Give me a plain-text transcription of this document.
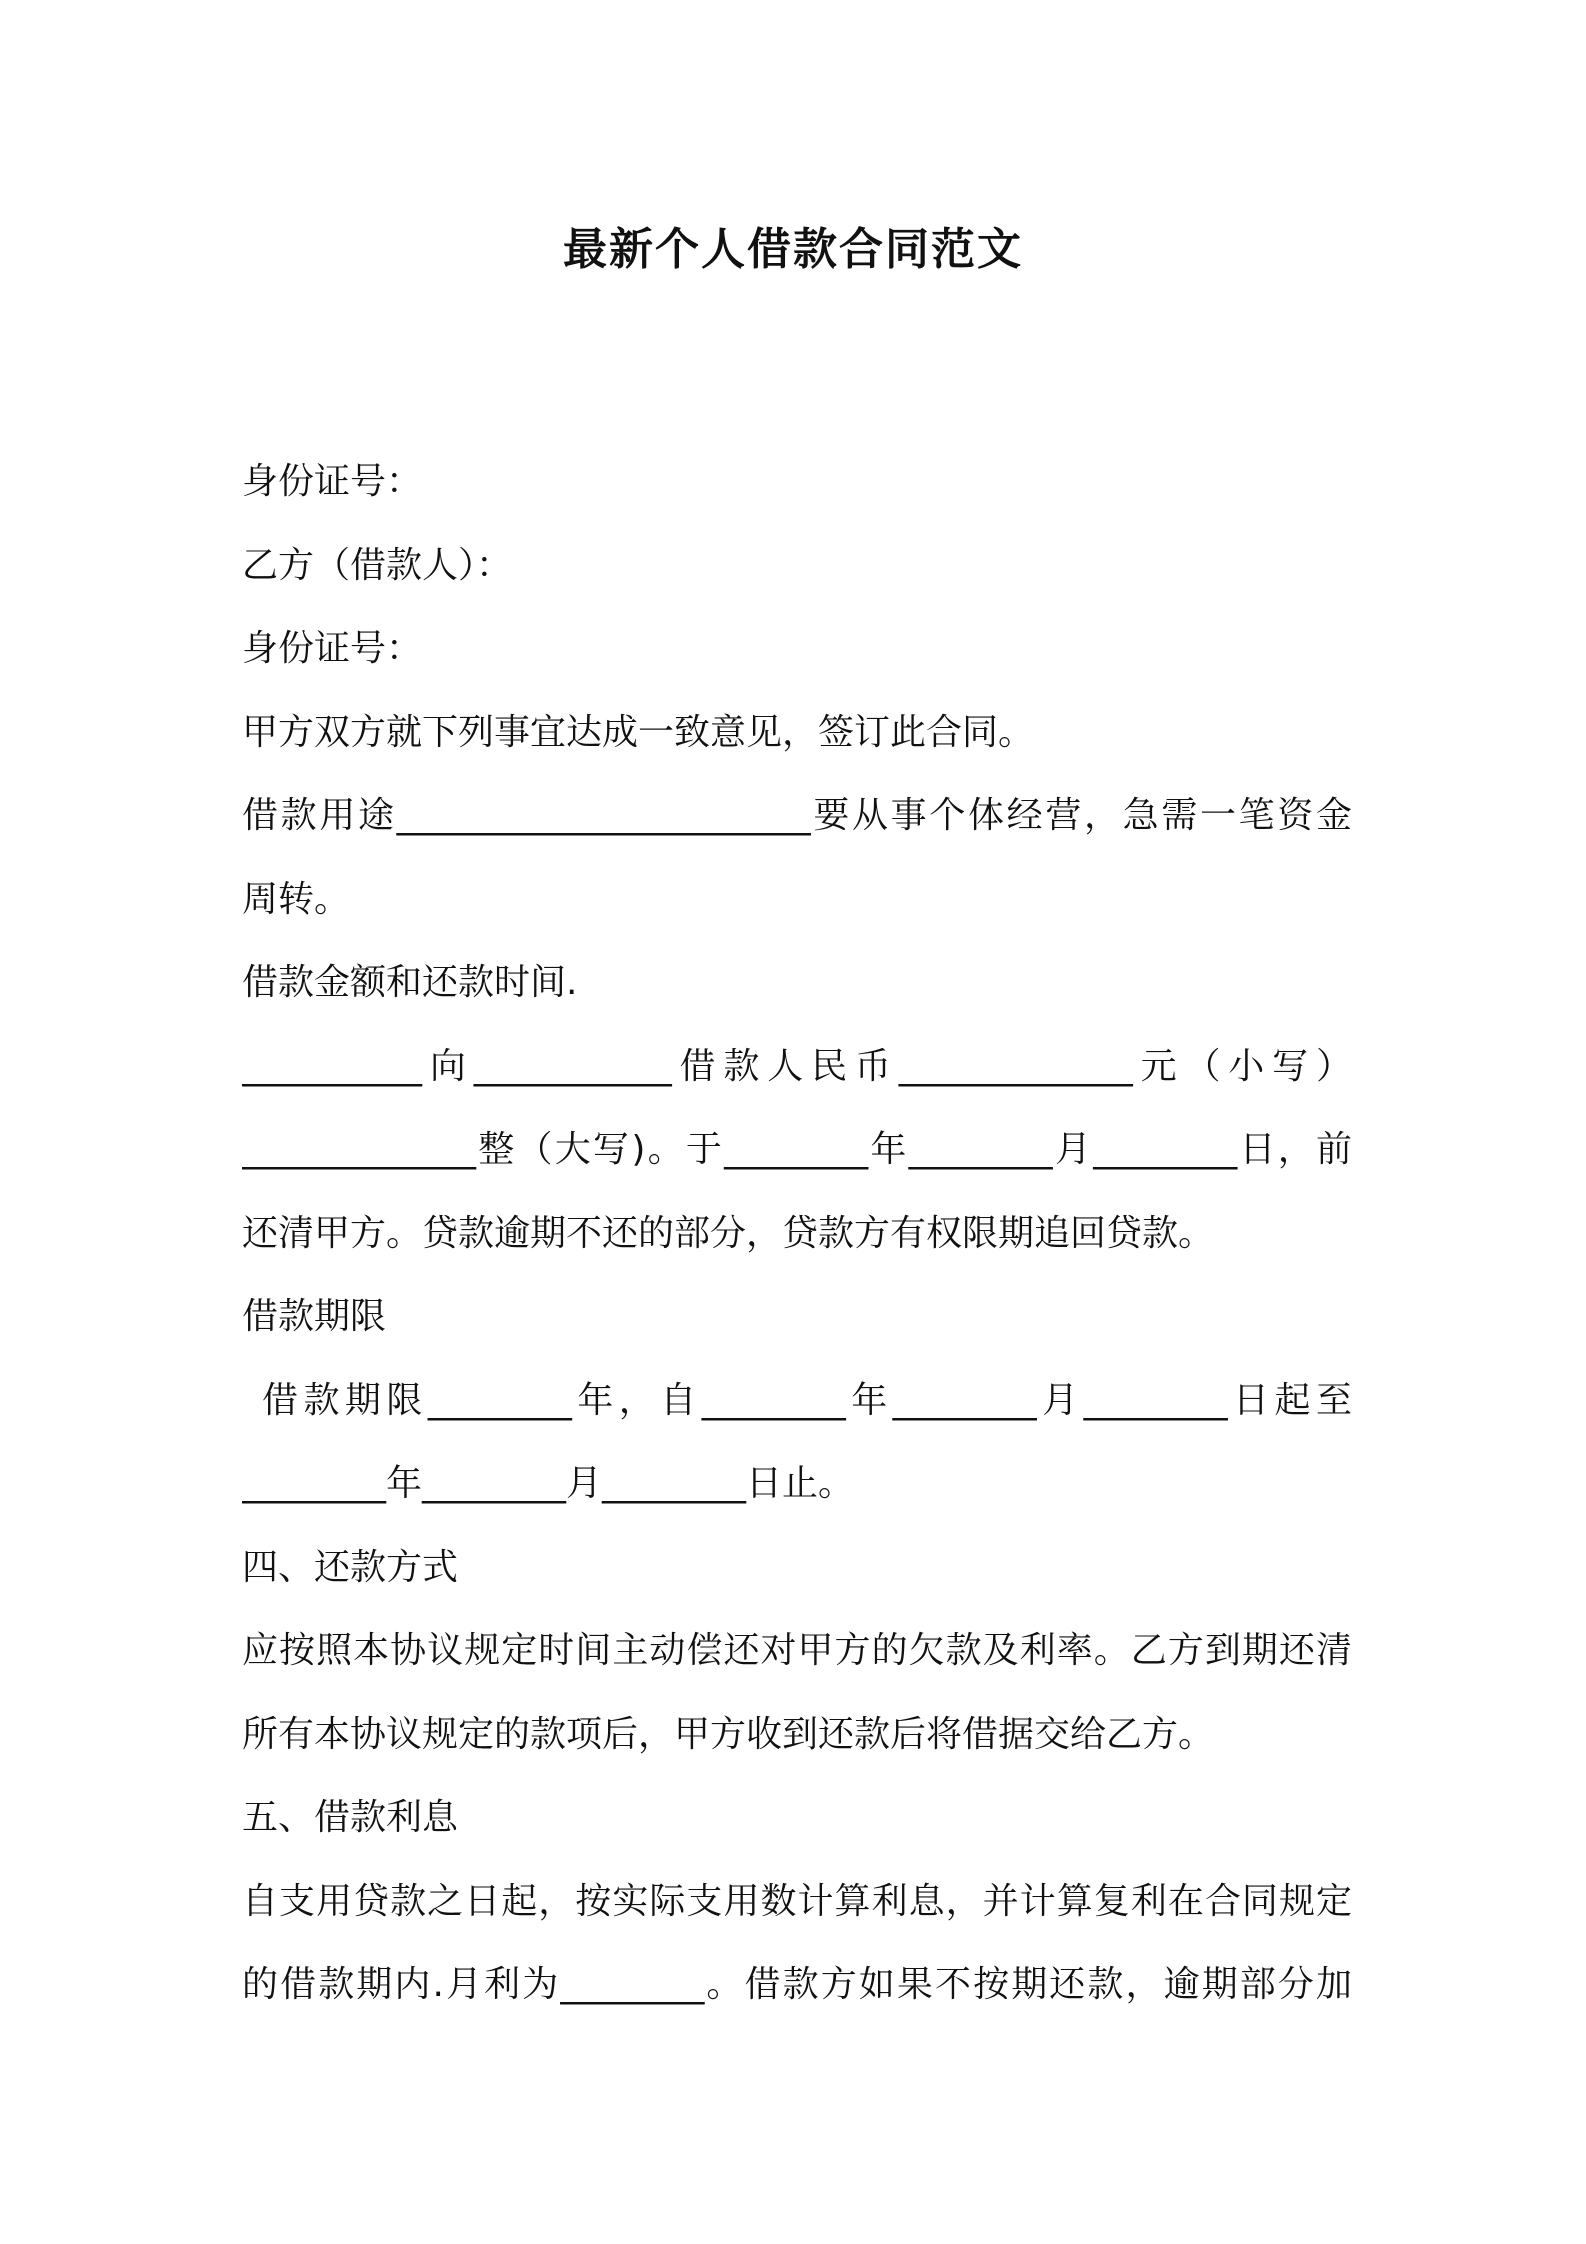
最新个人借款合同范文
身份证号：
乙方（借款人）：
身份证号：
甲方双方就下列事宜达成一致意见，签订此合同。
借款用途_______________________要从事个体经营，急需一笔资金
周转。
借款金额和还款时间.
__________向___________借款人民币_____________元（小写）
_____________整（大写)。于________年________月________日，前
还清甲方。贷款逾期不还的部分，贷款方有权限期追回贷款。
借款期限
借款期限________年，自________年________月________日起至
________年________月________日止。
四、还款方式
应按照本协议规定时间主动偿还对甲方的欠款及利率。乙方到期还清
所有本协议规定的款项后，甲方收到还款后将借据交给乙方。
五、借款利息
自支用贷款之日起，按实际支用数计算利息，并计算复利在合同规定
的借款期内.月利为________。借款方如果不按期还款，逾期部分加
